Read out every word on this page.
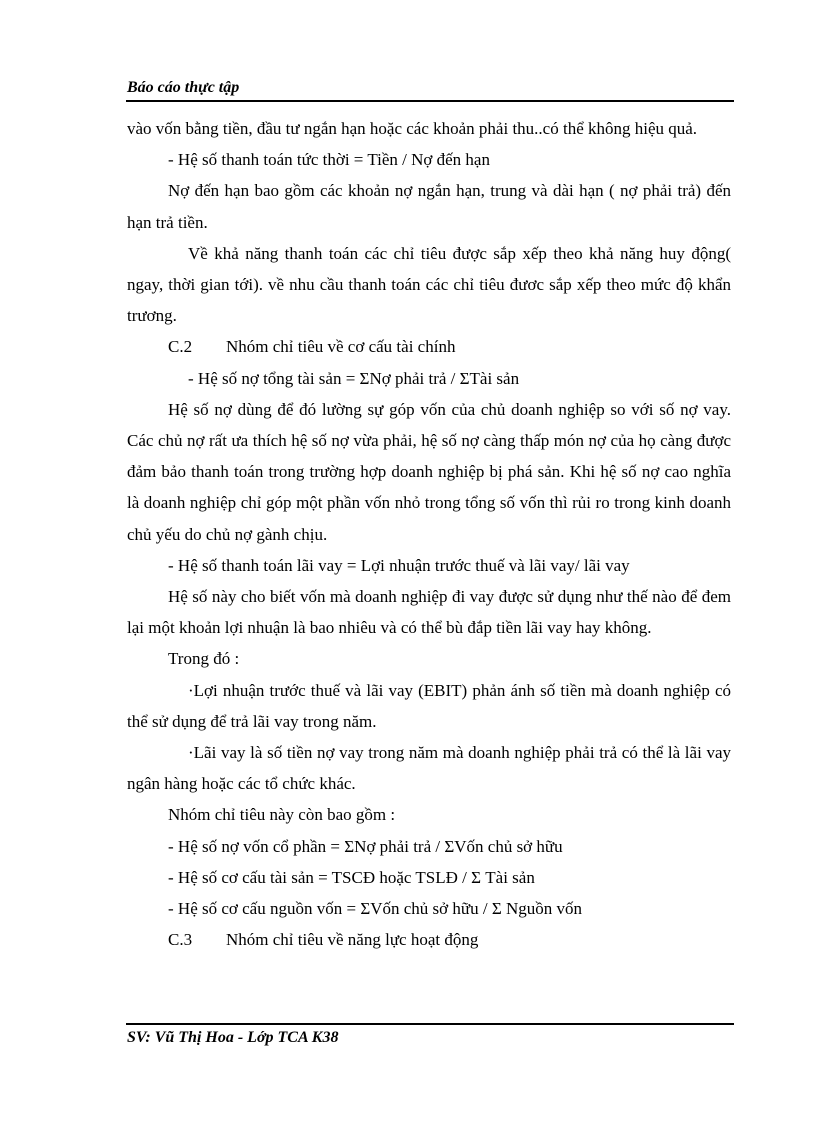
Báo cáo thực tập

vào vốn bằng tiền, đầu tư ngắn hạn hoặc các khoản phải thu..có thể không hiệu quả.

- Hệ số thanh toán tức thời = Tiền / Nợ đến hạn

Nợ đến hạn bao gồm các khoản nợ ngắn hạn, trung và dài hạn ( nợ phải trả) đến hạn trả tiền.

Về khả năng thanh toán các chỉ tiêu được sắp xếp theo khả năng huy động( ngay, thời gian tới). về nhu cầu thanh toán các chỉ tiêu đươc sắp xếp theo mức độ khẩn trương.

C.2 Nhóm chỉ tiêu về cơ cấu tài chính

- Hệ số nợ tổng tài sản = ΣNợ phải trả / ΣTài sản

Hệ số nợ dùng để đó lường sự góp vốn của chủ doanh nghiệp so với số nợ vay. Các chủ nợ rất ưa thích hệ số nợ vừa phải, hệ số nợ càng thấp món nợ của họ càng được đảm bảo thanh toán trong trường hợp doanh nghiệp bị phá sản. Khi hệ số nợ cao nghĩa là doanh nghiệp chỉ góp một phần vốn nhỏ trong tổng số vốn thì rủi ro trong kinh doanh chủ yếu do chủ nợ gành chịu.

- Hệ số thanh toán lãi vay = Lợi nhuận trước thuế và lãi vay/ lãi vay

Hệ số này cho biết vốn mà doanh nghiệp đi vay được sử dụng như thế nào để đem lại một khoản lợi nhuận là bao nhiêu và có thể bù đắp tiền lãi vay hay không.

Trong đó :

·Lợi nhuận trước thuế và lãi vay (EBIT) phản ánh số tiền mà doanh nghiệp có thể sử dụng để trả lãi vay trong năm.

·Lãi vay là số tiền nợ vay trong năm mà doanh nghiệp phải trả có thể là lãi vay ngân hàng hoặc các tổ chức khác.

Nhóm chỉ tiêu này còn bao gồm :

- Hệ số nợ vốn cổ phần = ΣNợ phải trả / ΣVốn chủ sở hữu

- Hệ số cơ cấu tài sản = TSCĐ hoặc TSLĐ / Σ Tài sản

- Hệ số cơ cấu nguồn vốn = ΣVốn chủ sở hữu / Σ Nguồn vốn

C.3 Nhóm chỉ tiêu về năng lực hoạt động

SV: Vũ Thị Hoa - Lớp TCA K38
